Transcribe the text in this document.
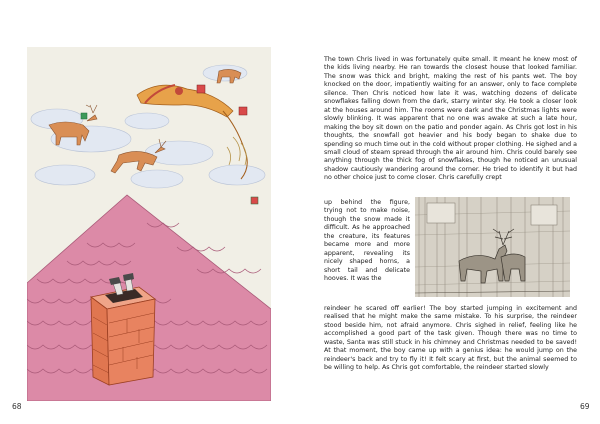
68

The town Chris lived in was fortunately quite small. It meant he knew most of the kids living nearby. He ran towards the closest house that looked familiar. The snow was thick and bright, making the rest of his pants wet. The boy knocked on the door, impatiently waiting for an answer, only to face complete silence. Then Chris noticed how late it was, watching dozens of delicate snowflakes falling down from the dark, starry winter sky. He took a closer look at the houses around him. The rooms were dark and the Christmas lights were slowly blinking. It was apparent that no one was awake at such a late hour, making the boy sit down on the patio and ponder again. As Chris got lost in his thoughts, the snowfall got heavier and his body began to shake due to spending so much time out in the cold without proper clothing. He sighed and a small cloud of steam spread through the air around him. Chris could barely see anything through the thick fog of snowflakes, though he noticed an unusual shadow cautiously wandering around the corner. He tried to identify it but had no other choice just to come closer. Chris carefully crept

up behind the figure, trying not to make noise, though the snow made it difficult. As he approached the creature, its features became more and more apparent, revealing its nicely shaped horns, a short tail and delicate hooves. It was the

reindeer he scared off earlier! The boy started jumping in excitement and realised that he might make the same mistake. To his surprise, the reindeer stood beside him, not afraid anymore. Chris sighed in relief, feeling like he accomplished a good part of the task given. Though there was no time to waste, Santa was still stuck in his chimney and Christmas needed to be saved! At that moment, the boy came up with a genius idea: he would jump on the reindeer's back and try to fly it! It felt scary at first, but the animal seemed to be willing to help. As Chris got comfortable, the reindeer started slowly

69
